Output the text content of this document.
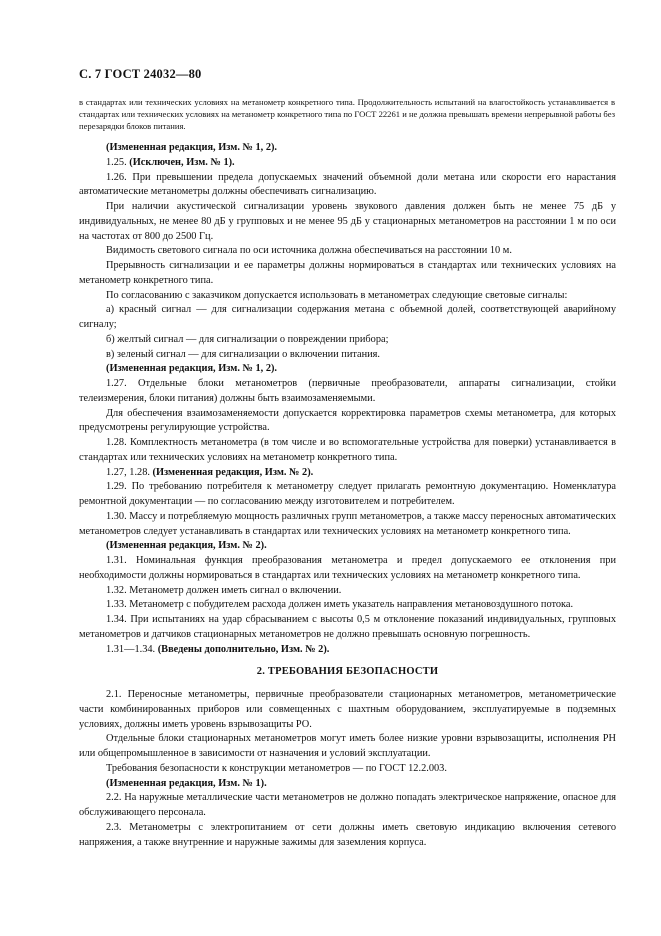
С. 7 ГОСТ 24032—80

в стандартах или технических условиях на метанометр конкретного типа. Продолжительность испытаний на влагостойкость устанавливается в стандартах или технических условиях на метанометр конкретного типа по ГОСТ 22261 и не должна превышать времени непрерывной работы без перезарядки блоков питания.

(Измененная редакция, Изм. № 1, 2).

1.25. (Исключен, Изм. № 1).

1.26. При превышении предела допускаемых значений объемной доли метана или скорости его нарастания автоматические метанометры должны обеспечивать сигнализацию.

При наличии акустической сигнализации уровень звукового давления должен быть не менее 75 дБ у индивидуальных, не менее 80 дБ у групповых и не менее 95 дБ у стационарных метанометров на расстоянии 1 м по оси на частотах от 800 до 2500 Гц.

Видимость светового сигнала по оси источника должна обеспечиваться на расстоянии 10 м.

Прерывность сигнализации и ее параметры должны нормироваться в стандартах или технических условиях на метанометр конкретного типа.

По согласованию с заказчиком допускается использовать в метанометрах следующие световые сигналы:

а) красный сигнал — для сигнализации содержания метана с объемной долей, соответствующей аварийному сигналу;

б) желтый сигнал — для сигнализации о повреждении прибора;

в) зеленый сигнал — для сигнализации о включении питания.

(Измененная редакция, Изм. № 1, 2).

1.27. Отдельные блоки метанометров (первичные преобразователи, аппараты сигнализации, стойки телеизмерения, блоки питания) должны быть взаимозаменяемыми.

Для обеспечения взаимозаменяемости допускается корректировка параметров схемы метанометра, для которых предусмотрены регулирующие устройства.

1.28. Комплектность метанометра (в том числе и во вспомогательные устройства для поверки) устанавливается в стандартах или технических условиях на метанометр конкретного типа.

1.27, 1.28. (Измененная редакция, Изм. № 2).

1.29. По требованию потребителя к метанометру следует прилагать ремонтную документацию. Номенклатура ремонтной документации — по согласованию между изготовителем и потребителем.

1.30. Массу и потребляемую мощность различных групп метанометров, а также массу переносных автоматических метанометров следует устанавливать в стандартах или технических условиях на метанометр конкретного типа.

(Измененная редакция, Изм. № 2).

1.31. Номинальная функция преобразования метанометра и предел допускаемого ее отклонения при необходимости должны нормироваться в стандартах или технических условиях на метанометр конкретного типа.

1.32. Метанометр должен иметь сигнал о включении.

1.33. Метанометр с побудителем расхода должен иметь указатель направления метановоздушного потока.

1.34. При испытаниях на удар сбрасыванием с высоты 0,5 м отклонение показаний индивидуальных, групповых метанометров и датчиков стационарных метанометров не должно превышать основную погрешность.

1.31—1.34. (Введены дополнительно, Изм. № 2).

2. ТРЕБОВАНИЯ БЕЗОПАСНОСТИ

2.1. Переносные метанометры, первичные преобразователи стационарных метанометров, метанометрические части комбинированных приборов или совмещенных с шахтным оборудованием, эксплуатируемые в подземных условиях, должны иметь уровень взрывозащиты РО.

Отдельные блоки стационарных метанометров могут иметь более низкие уровни взрывозащиты, исполнения РН или общепромышленное в зависимости от назначения и условий эксплуатации.

Требования безопасности к конструкции метанометров — по ГОСТ 12.2.003.

(Измененная редакция, Изм. № 1).

2.2. На наружные металлические части метанометров не должно попадать электрическое напряжение, опасное для обслуживающего персонала.

2.3. Метанометры с электропитанием от сети должны иметь световую индикацию включения сетевого напряжения, а также внутренние и наружные зажимы для заземления корпуса.
